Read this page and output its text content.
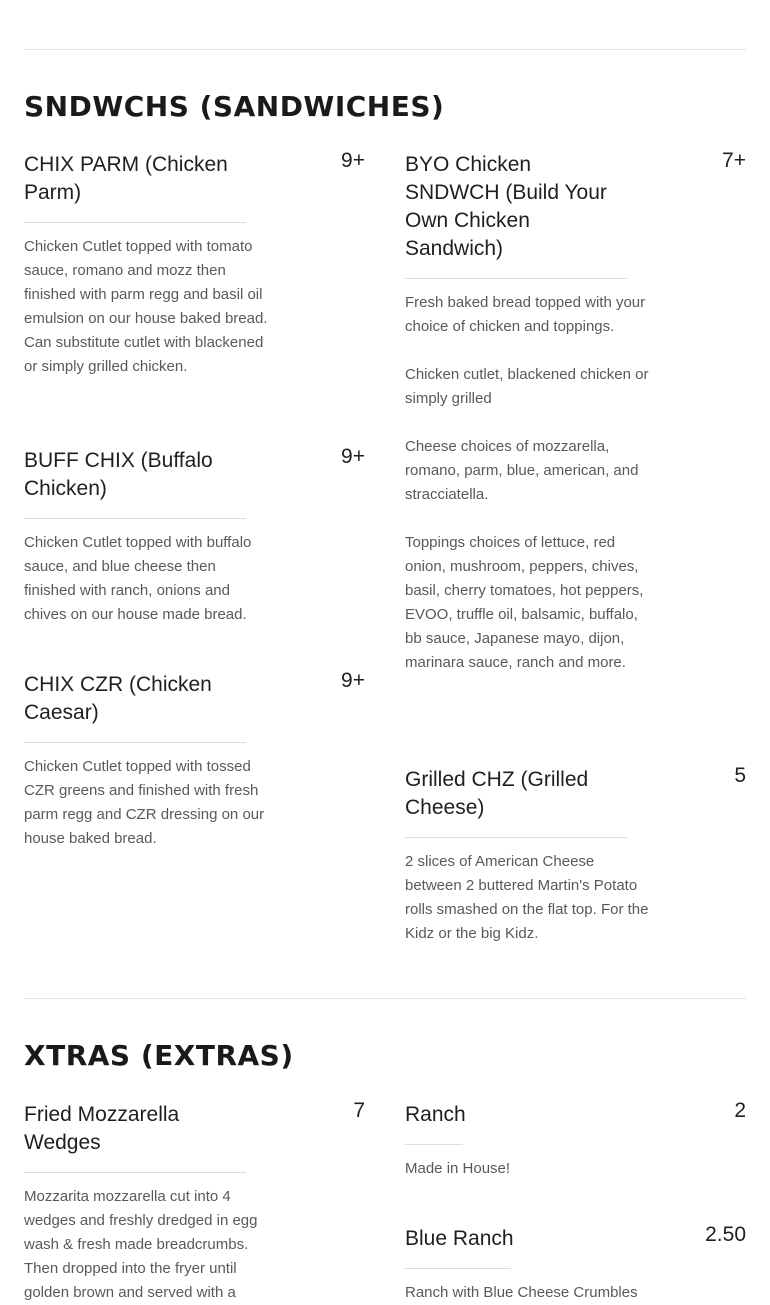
SNDWCHS (SANDWICHES)
CHIX PARM (Chicken Parm)
9+

Chicken Cutlet topped with tomato sauce, romano and mozz then finished with parm regg and basil oil emulsion on our house baked bread. Can substitute cutlet with blackened or simply grilled chicken.

BUFF CHIX (Buffalo Chicken)
9+

Chicken Cutlet topped with buffalo sauce, and blue cheese then finished with ranch, onions and chives on our house made bread.

CHIX CZR (Chicken Caesar)
9+

Chicken Cutlet topped with tossed CZR greens and finished with fresh parm regg and CZR dressing on our house baked bread.

BYO Chicken SNDWCH (Build Your Own Chicken Sandwich)
7+

Fresh baked bread topped with your choice of chicken and toppings.

Chicken cutlet, blackened chicken or simply grilled

Cheese choices of mozzarella, romano, parm, blue, american, and stracciatella.

Toppings choices of lettuce, red onion, mushroom, peppers, chives, basil, cherry tomatoes, hot peppers, EVOO, truffle oil, balsamic, buffalo, bb sauce, Japanese mayo, dijon, marinara sauce, ranch and more.

Grilled CHZ (Grilled Cheese)
5

2 slices of American Cheese between 2 buttered Martin's Potato rolls smashed on the flat top. For the Kidz or the big Kidz.

XTRAS (EXTRAS)
Fried Mozzarella Wedges
7

Mozzarita mozzarella cut into 4 wedges and freshly dredged in egg wash & fresh made breadcrumbs. Then dropped into the fryer until golden brown and served with a

Ranch	2

Made in House!

Blue Ranch	2.50

Ranch with Blue Cheese Crumbles
